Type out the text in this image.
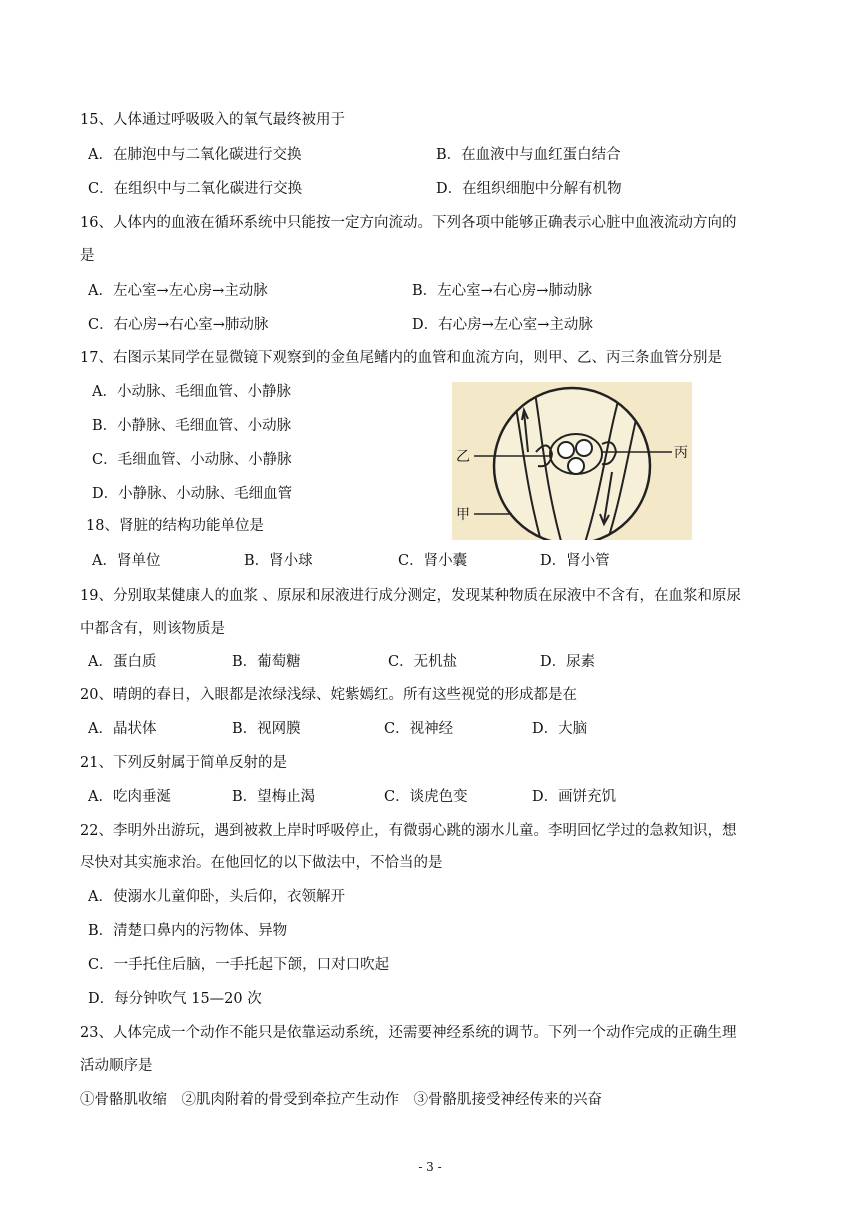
15、人体通过呼吸吸入的氧气最终被用于
A．在肺泡中与二氧化碳进行交换	B．在血液中与血红蛋白结合
C．在组织中与二氧化碳进行交换	D．在组织细胞中分解有机物
16、人体内的血液在循环系统中只能按一定方向流动。下列各项中能够正确表示心脏中血液流动方向的
是
A．左心室→左心房→主动脉	B．左心室→右心房→肺动脉
C．右心房→右心室→肺动脉	D．右心房→左心室→主动脉
17、右图示某同学在显微镜下观察到的金鱼尾鳍内的血管和血流方向，则甲、乙、丙三条血管分别是
A．小动脉、毛细血管、小静脉
B．小静脉、毛细血管、小动脉
C．毛细血管、小动脉、小静脉
D．小静脉、小动脉、毛细血管
乙	丙
甲
18、肾脏的结构功能单位是
A．肾单位	B．肾小球	C．肾小囊	D．肾小管
19、分别取某健康人的血浆 、原尿和尿液进行成分测定，发现某种物质在尿液中不含有，在血浆和原尿
中都含有，则该物质是
A．蛋白质	B．葡萄糖	C．无机盐	D．尿素
20、晴朗的春日，入眼都是浓绿浅绿、姹紫嫣红。所有这些视觉的形成都是在
A．晶状体	B．视网膜	C．视神经	D．大脑
21、下列反射属于简单反射的是
A．吃肉垂涎	B．望梅止渴	C．谈虎色变	D．画饼充饥
22、李明外出游玩，遇到被救上岸时呼吸停止，有微弱心跳的溺水儿童。李明回忆学过的急救知识，想
尽快对其实施求治。在他回忆的以下做法中，不恰当的是
A．使溺水儿童仰卧，头后仰，衣领解开
B．清楚口鼻内的污物体、异物
C．一手托住后脑，一手托起下颌，口对口吹起
D．每分钟吹气 15—20 次
23、人体完成一个动作不能只是依靠运动系统，还需要神经系统的调节。下列一个动作完成的正确生理
活动顺序是
①骨骼肌收缩　②肌肉附着的骨受到牵拉产生动作　③骨骼肌接受神经传来的兴奋
- 3 -
